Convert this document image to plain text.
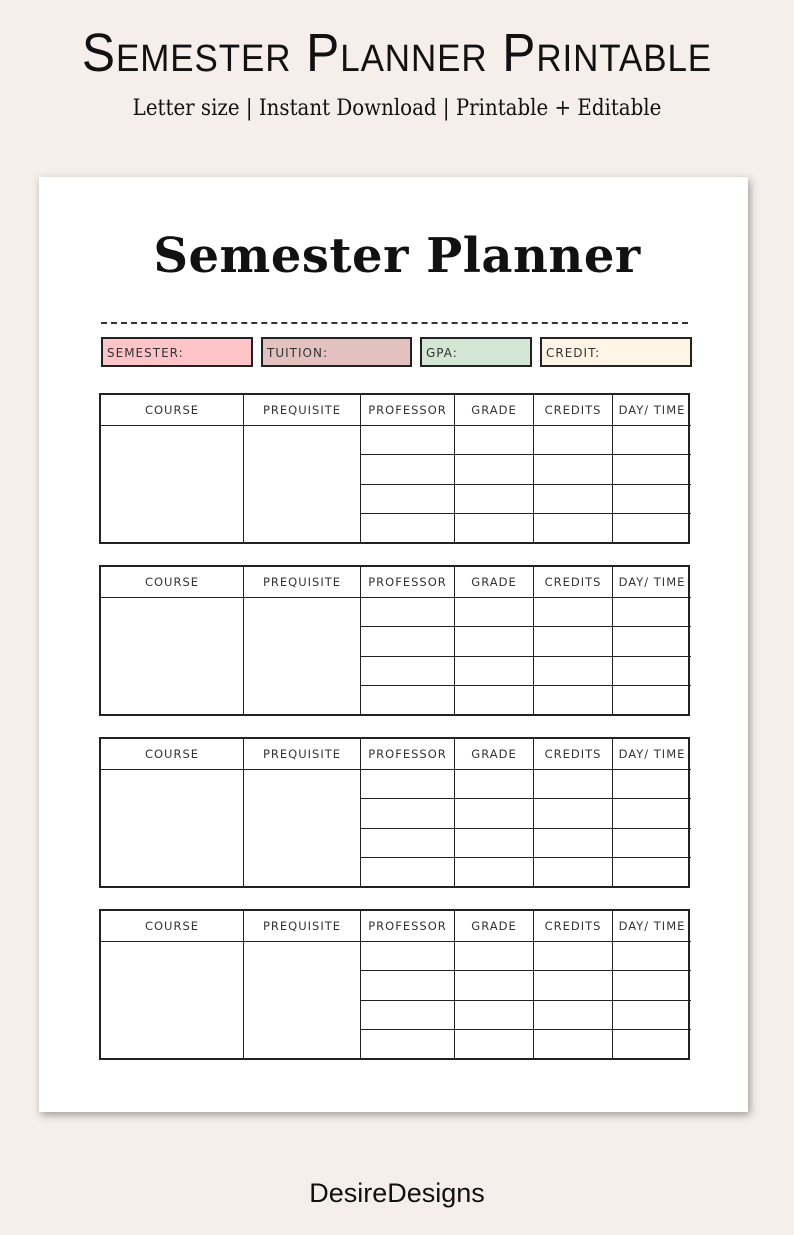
Semester Planner Printable
Letter size | Instant Download | Printable + Editable
Semester Planner
SEMESTER:	TUITION:	GPA:	CREDIT:
COURSE	PREQUISITE	PROFESSOR	GRADE	CREDITS	DAY/ TIME
COURSE	PREQUISITE	PROFESSOR	GRADE	CREDITS	DAY/ TIME
COURSE	PREQUISITE	PROFESSOR	GRADE	CREDITS	DAY/ TIME
COURSE	PREQUISITE	PROFESSOR	GRADE	CREDITS	DAY/ TIME
DesireDesigns
